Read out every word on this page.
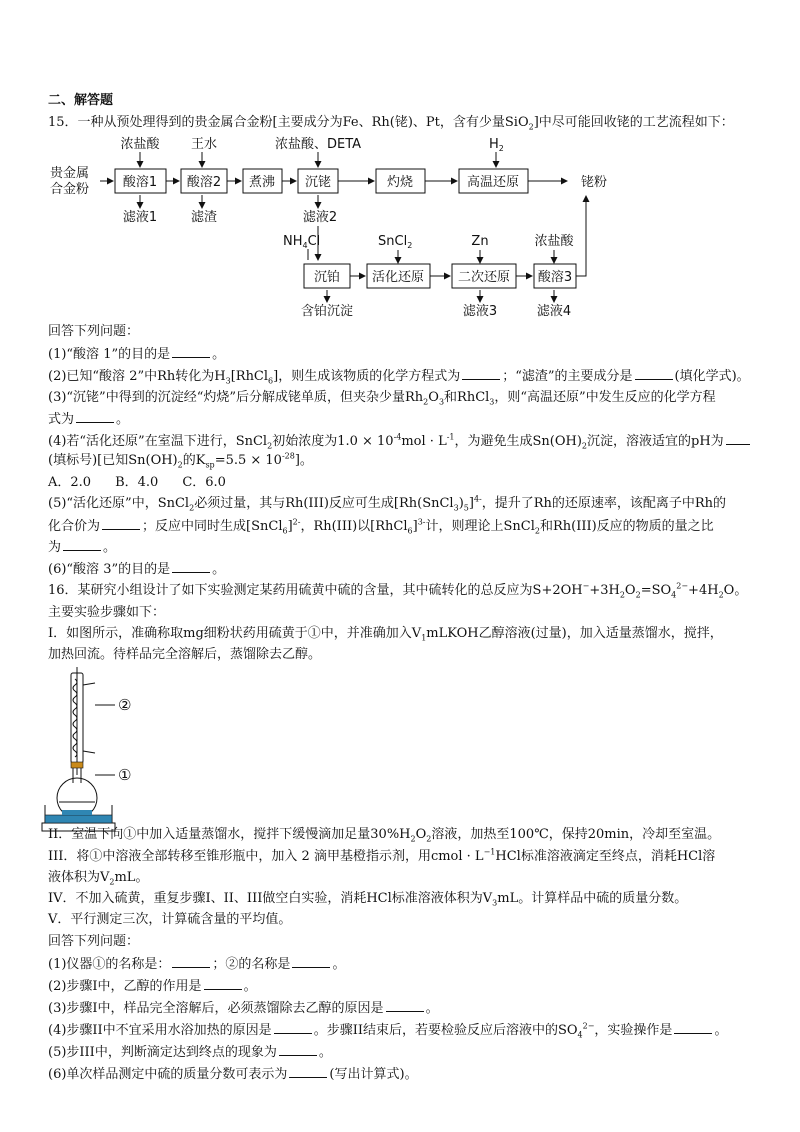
二、解答题
15．一种从预处理得到的贵金属合金粉[主要成分为Fe、Rh(铑)、Pt，含有少量SiO$_2$]中尽可能回收铑的工艺流程如下：
贵金属
合金粉	酸溶1 酸溶2 煮沸 沉铑	灼烧	高温还原	铑粉
沉铂 活化还原	二次还原 酸溶3
浓盐酸 王水	浓盐酸、DETA
浓盐酸
Zn
滤液1	滤渣	滤液2
含铂沉淀	滤液3	滤液4
$H_2$
$NH_4Cl$	SnCl$_2$
回答下列问题：
(1)“酸溶 1”的目的是	。
(2)已知“酸溶 2”中Rh转化为$H_3[RhCl_6]$，则生成该物质的化学方程式为	；“滤渣”的主要成分是	(填化学式)。
(3)“沉铑”中得到的沉淀经“灼烧”后分解成铑单质，但夹杂少量$Rh_2O_3$和RhCl$_3$，则“高温还原”中发生反应的化学方程
式为	。
(4)若“活化还原”在室温下进行，SnCl$_2$初始浓度为$1.0 \times 10^{-4}mol \cdot L^{-1}$，为避免生成$Sn(OH)_2$沉淀，溶液适宜的pH为
(填标号)[已知$Sn(OH)_2$的$K_{sp}=5.5 \times 10^{-28}$]。
A．2.0 B．4.0 C．6.0
(5)“活化还原”中，SnCl$_2$必须过量，其与Rh(III)反应可生成$[Rh(SnCl_3)_5]^{4-}$，提升了Rh的还原速率，该配离子中Rh的
化合价为	；反应中同时生成[SnCl$_6$]$^{2-}$，Rh(III)以[RhCl$_6$]$^{3-}$计，则理论上SnCl$_2$和Rh(III)反应的物质的量之比
为	。
(6)“酸溶 3”的目的是	。
16．某研究小组设计了如下实验测定某药用硫黄中硫的含量，其中硫转化的总反应为$S+2OH^-+3H_2O_2=SO_4^{2-}+4H_2O$。
主要实验步骤如下：
I．如图所示，准确称取mg细粉状药用硫黄于①中，并准确加入$V_1mLKOH$乙醇溶液(过量)，加入适量蒸馏水，搅拌，
加热回流。待样品完全溶解后，蒸馏除去乙醇。
②
①
II．室温下向①中加入适量蒸馏水，搅拌下缓慢滴加足量$30\%H_2O_2$溶液，加热至100℃，保持20min，冷却至室温。
III．将①中溶液全部转移至锥形瓶中，加入 2 滴甲基橙指示剂，用cmol · $L^{-1}HCl$标准溶液滴定至终点，消耗HCl溶
液体积为$V_2mL$。
IV．不加入硫黄，重复步骤I、II、III做空白实验，消耗HCl标准溶液体积为$V_3mL$。计算样品中硫的质量分数。
V．平行测定三次，计算硫含量的平均值。
回答下列问题：
(1)仪器①的名称是：	；②的名称是	。
(2)步骤I中，乙醇的作用是	。
(3)步骤I中，样品完全溶解后，必须蒸馏除去乙醇的原因是	。
(4)步骤II中不宜采用水浴加热的原因是	。步骤II结束后，若要检验反应后溶液中的$SO_4^{2-}$，实验操作是	。
(5)步III中，判断滴定达到终点的现象为	。
(6)单次样品测定中硫的质量分数可表示为	(写出计算式)。
